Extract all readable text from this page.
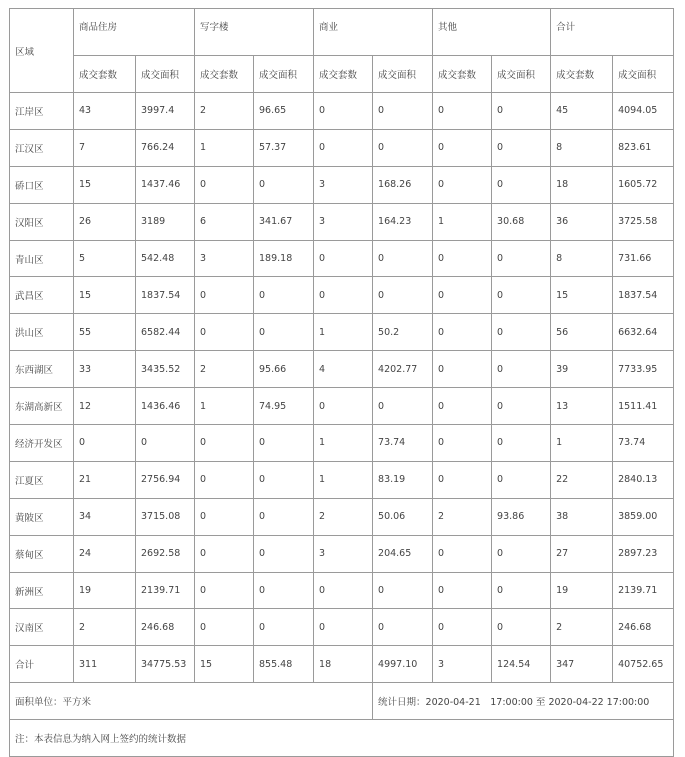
区域	商品住房		写字楼		商业		其他		合计	
	成交套数	成交面积	成交套数	成交面积	成交套数	成交面积	成交套数	成交面积	成交套数	成交面积
江岸区	43	3997.4	2	96.65	0	0	0	0	45	4094.05
江汉区	7	766.24	1	57.37	0	0	0	0	8	823.61
硚口区	15	1437.46	0	0	3	168.26	0	0	18	1605.72
汉阳区	26	3189	6	341.67	3	164.23	1	30.68	36	3725.58
青山区	5	542.48	3	189.18	0	0	0	0	8	731.66
武昌区	15	1837.54	0	0	0	0	0	0	15	1837.54
洪山区	55	6582.44	0	0	1	50.2	0	0	56	6632.64
东西湖区	33	3435.52	2	95.66	4	4202.77	0	0	39	7733.95
东湖高新区	12	1436.46	1	74.95	0	0	0	0	13	1511.41
经济开发区	0	0	0	0	1	73.74	0	0	1	73.74
江夏区	21	2756.94	0	0	1	83.19	0	0	22	2840.13
黄陂区	34	3715.08	0	0	2	50.06	2	93.86	38	3859.00
蔡甸区	24	2692.58	0	0	3	204.65	0	0	27	2897.23
新洲区	19	2139.71	0	0	0	0	0	0	19	2139.71
汉南区	2	246.68	0	0	0	0	0	0	2	246.68
合计	311	34775.53	15	855.48	18	4997.10	3	124.54	347	40752.65
面积单位：平方米						统计日期：2020-04-21　17:00:00 至 2020-04-22 17:00:00				
注：本表信息为纳入网上签约的统计数据										
